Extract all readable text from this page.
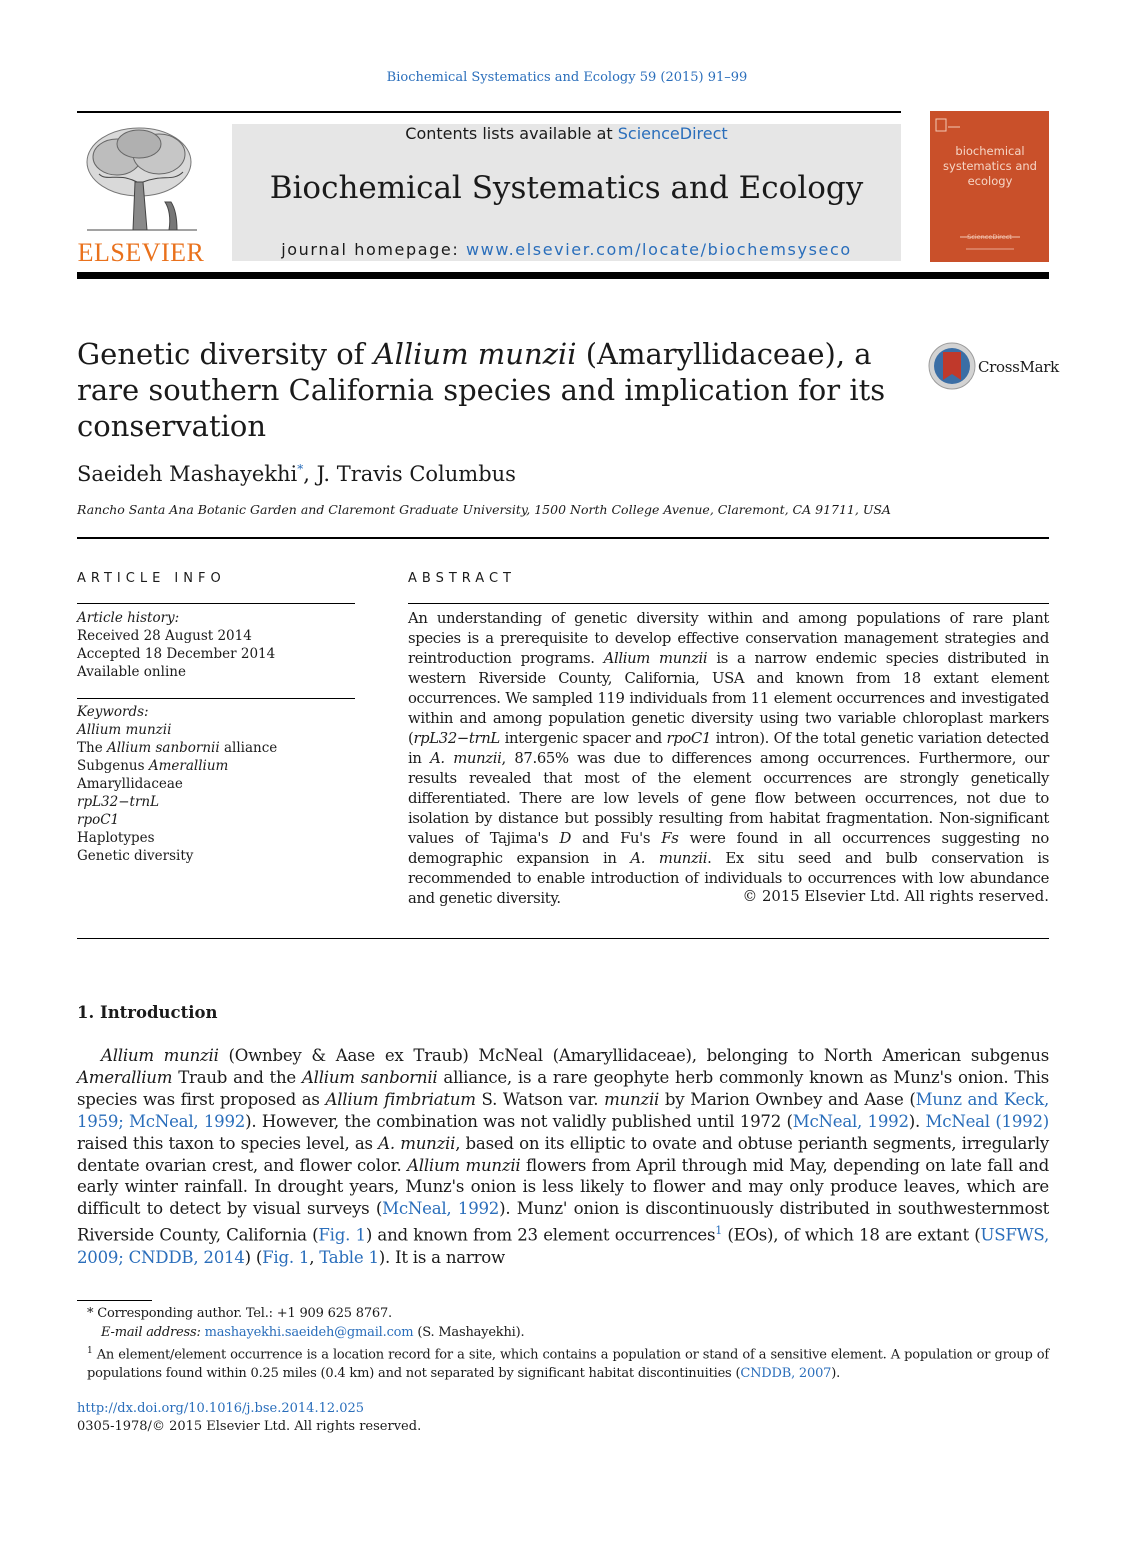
Biochemical Systematics and Ecology 59 (2015) 91–99
ELSEVIER
Contents lists available at ScienceDirect
Biochemical Systematics and Ecology
journal homepage: www.elsevier.com/locate/biochemsyseco
biochemical systematics and ecology
ScienceDirect
Genetic diversity of Allium munzii (Amaryllidaceae), a rare southern California species and implication for its conservation
CrossMark
Saeideh Mashayekhi*, J. Travis Columbus
Rancho Santa Ana Botanic Garden and Claremont Graduate University, 1500 North College Avenue, Claremont, CA 91711, USA
ARTICLE INFO
Article history:
Received 28 August 2014
Accepted 18 December 2014
Available online
Keywords:
Allium munzii
The Allium sanbornii alliance
Subgenus Amerallium
Amaryllidaceae
rpL32−trnL
rpoC1
Haplotypes
Genetic diversity
ABSTRACT
An understanding of genetic diversity within and among populations of rare plant species is a prerequisite to develop effective conservation management strategies and reintroduction programs. Allium munzii is a narrow endemic species distributed in western Riverside County, California, USA and known from 18 extant element occurrences. We sampled 119 individuals from 11 element occurrences and investigated within and among population genetic diversity using two variable chloroplast markers (rpL32−trnL intergenic spacer and rpoC1 intron). Of the total genetic variation detected in A. munzii, 87.65% was due to differences among occurrences. Furthermore, our results revealed that most of the element occurrences are strongly genetically differentiated. There are low levels of gene flow between occurrences, not due to isolation by distance but possibly resulting from habitat fragmentation. Non-significant values of Tajima's D and Fu's Fs were found in all occurrences suggesting no demographic expansion in A. munzii. Ex situ seed and bulb conservation is recommended to enable introduction of individuals to occurrences with low abundance and genetic diversity.	© 2015 Elsevier Ltd. All rights reserved.
1. Introduction
Allium munzii (Ownbey & Aase ex Traub) McNeal (Amaryllidaceae), belonging to North American subgenus Amerallium Traub and the Allium sanbornii alliance, is a rare geophyte herb commonly known as Munz's onion. This species was first proposed as Allium fimbriatum S. Watson var. munzii by Marion Ownbey and Aase (Munz and Keck, 1959; McNeal, 1992). However, the combination was not validly published until 1972 (McNeal, 1992). McNeal (1992) raised this taxon to species level, as A. munzii, based on its elliptic to ovate and obtuse perianth segments, irregularly dentate ovarian crest, and flower color. Allium munzii flowers from April through mid May, depending on late fall and early winter rainfall. In drought years, Munz's onion is less likely to flower and may only produce leaves, which are difficult to detect by visual surveys (McNeal, 1992). Munz' onion is discontinuously distributed in southwesternmost Riverside County, California (Fig. 1) and known from 23 element occurrences$^1$ (EOs), of which 18 are extant (USFWS, 2009; CNDDB, 2014) (Fig. 1, Table 1). It is a narrow
* Corresponding author. Tel.: +1 909 625 8767.
E-mail address: mashayekhi.saeideh@gmail.com (S. Mashayekhi).
$^1$ An element/element occurrence is a location record for a site, which contains a population or stand of a sensitive element. A population or group of populations found within 0.25 miles (0.4 km) and not separated by significant habitat discontinuities (CNDDB, 2007).
http://dx.doi.org/10.1016/j.bse.2014.12.025
0305-1978/© 2015 Elsevier Ltd. All rights reserved.
